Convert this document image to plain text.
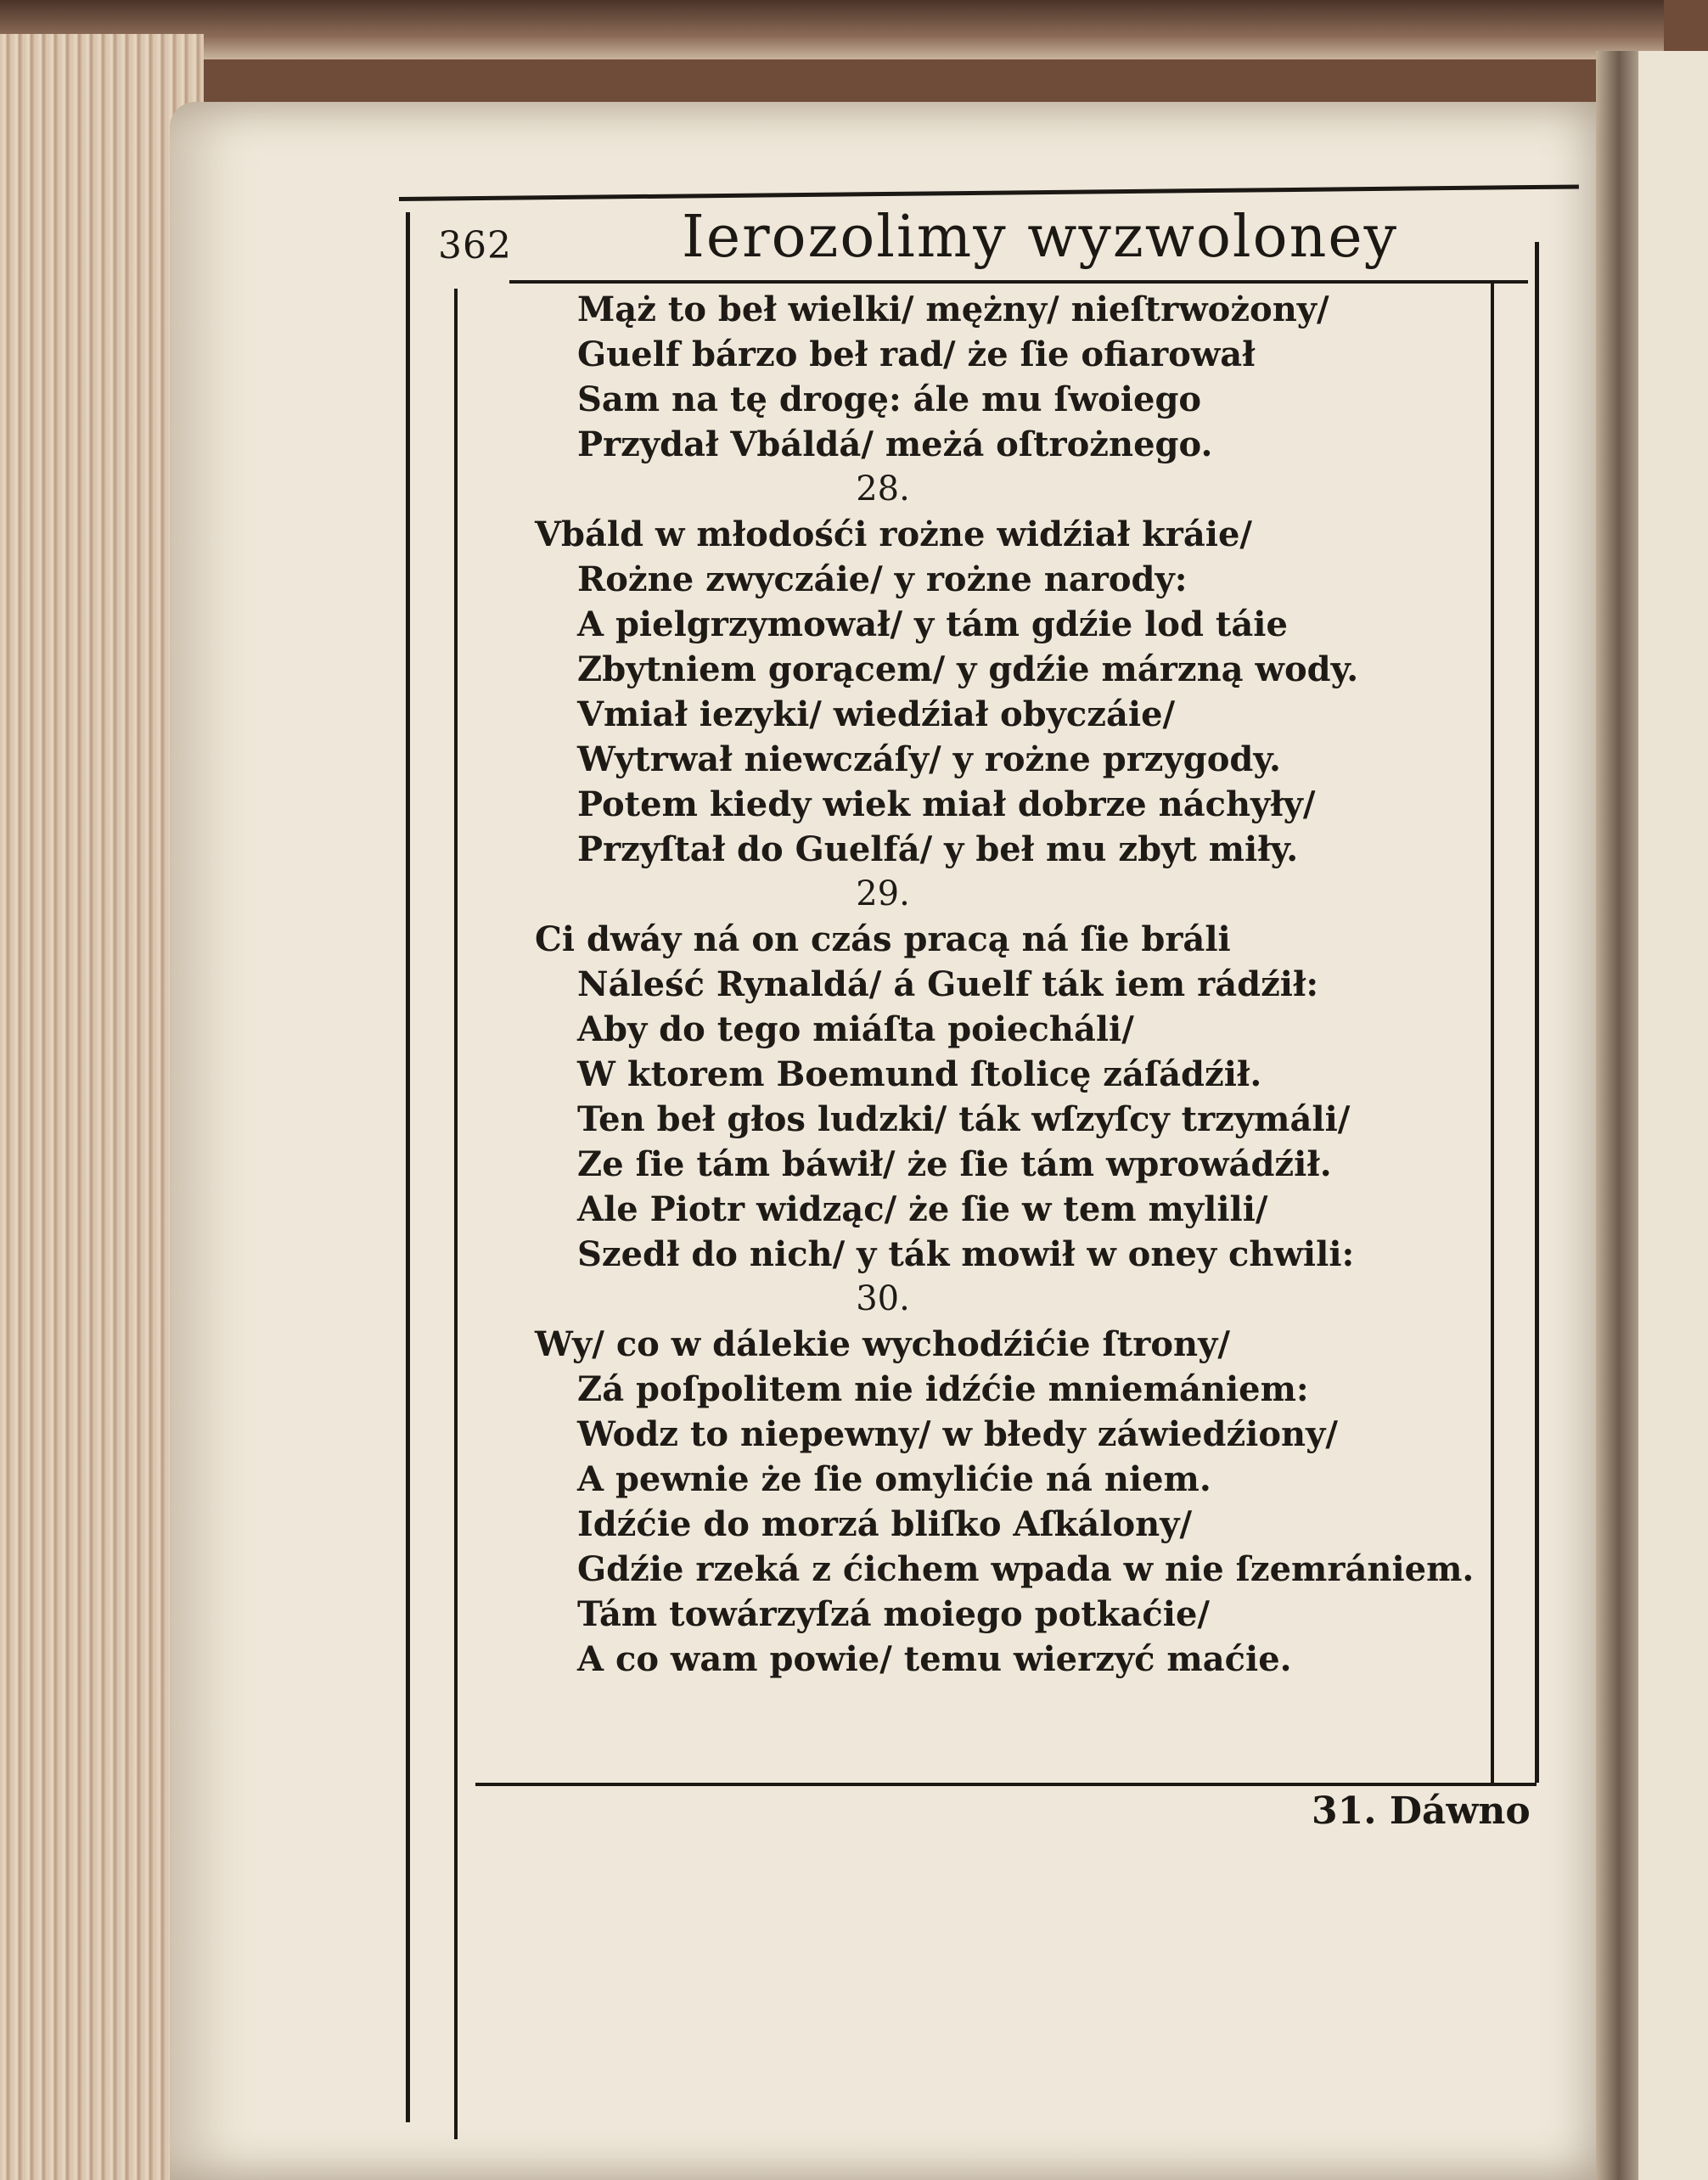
362	Ierozolimy wyzwoloney
Mąż to beł wielki/ mężny/ nieſtrwożony/
Guelf bárzo beł rad/ że ſie ofiarował
Sam na tę drogę: ále mu ſwoiego
Przydał Vbáldá/ meżá oſtrożnego.
28.
Vbáld w młodośći rożne widźiał kráie/
Rożne zwyczáie/ y rożne narody:
A pielgrzymował/ y tám gdźie lod táie
Zbytniem gorącem/ y gdźie márzną wody.
Vmiał iezyki/ wiedźiał obyczáie/
Wytrwał niewczáſy/ y rożne przygody.
Potem kiedy wiek miał dobrze náchyły/
Przyſtał do Guelfá/ y beł mu zbyt miły.
29.
Ci dwáy ná on czás pracą ná ſie bráli
Náleść Rynaldá/ á Guelf ták iem rádźił:
Aby do tego miáſta poiecháli/
W ktorem Boemund ſtolicę záſádźił.
Ten beł głos ludzki/ ták wſzyſcy trzymáli/
Ze ſie tám báwił/ że ſie tám wprowádźił.
Ale Piotr widząc/ że ſie w tem mylili/
Szedł do nich/ y ták mowił w oney chwili:
30.
Wy/ co w dálekie wychodźićie ſtrony/
Zá poſpolitem nie idźćie mniemániem:
Wodz to niepewny/ w błedy záwiedźiony/
A pewnie że ſie omylićie ná niem.
Idźćie do morzá bliſko Aſkálony/
Gdźie rzeká z ćichem wpada w nie ſzemrániem.
Tám towárzyſzá moiego potkaćie/
A co wam powie/ temu wierzyć maćie.
31. Dáwno
